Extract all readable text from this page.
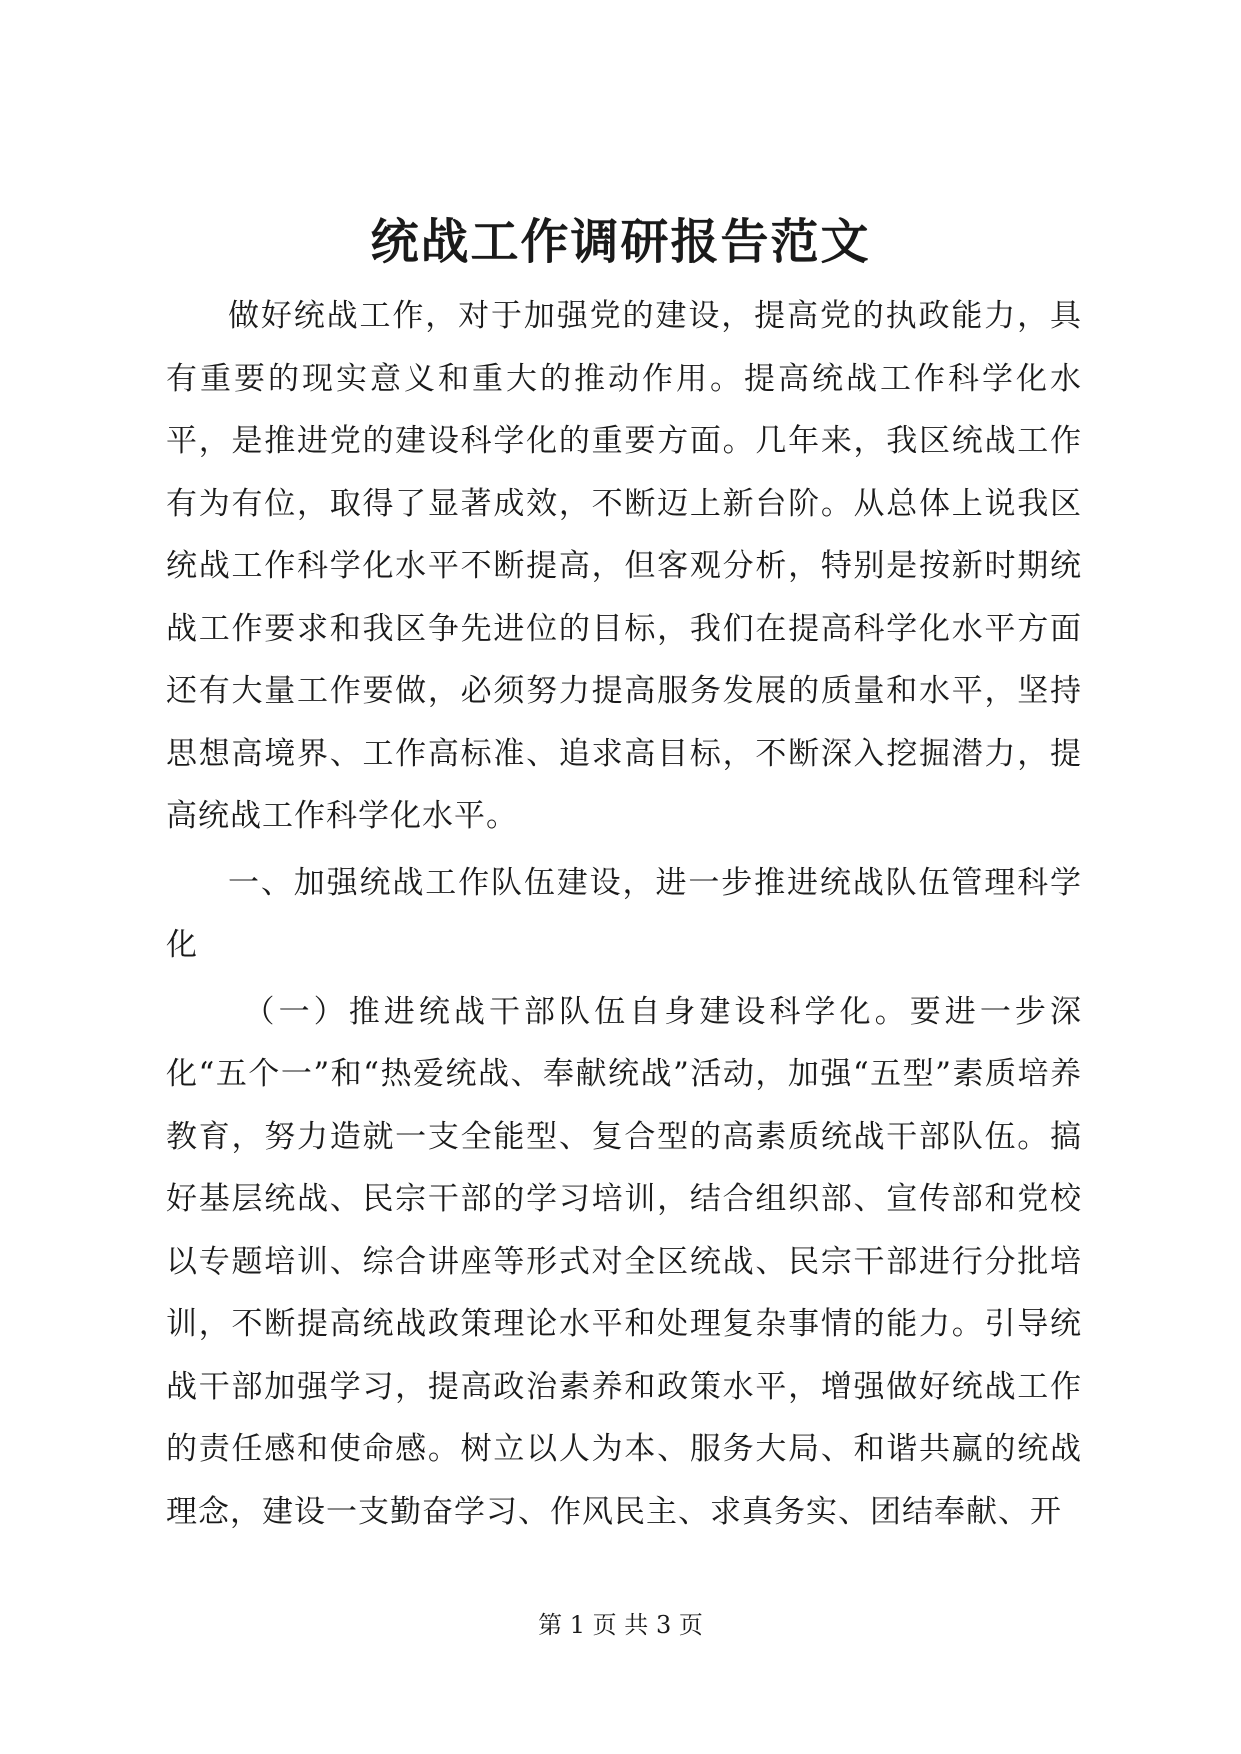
统战工作调研报告范文

做好统战工作，对于加强党的建设，提高党的执政能力，具有重要的现实意义和重大的推动作用。提高统战工作科学化水平，是推进党的建设科学化的重要方面。几年来，我区统战工作有为有位，取得了显著成效，不断迈上新台阶。从总体上说我区统战工作科学化水平不断提高，但客观分析，特别是按新时期统战工作要求和我区争先进位的目标，我们在提高科学化水平方面还有大量工作要做，必须努力提高服务发展的质量和水平，坚持思想高境界、工作高标准、追求高目标，不断深入挖掘潜力，提高统战工作科学化水平。

一、加强统战工作队伍建设，进一步推进统战队伍管理科学化

（一）推进统战干部队伍自身建设科学化。要进一步深化“五个一”和“热爱统战、奉献统战”活动，加强“五型”素质培养教育，努力造就一支全能型、复合型的高素质统战干部队伍。搞好基层统战、民宗干部的学习培训，结合组织部、宣传部和党校以专题培训、综合讲座等形式对全区统战、民宗干部进行分批培训，不断提高统战政策理论水平和处理复杂事情的能力。引导统战干部加强学习，提高政治素养和政策水平，增强做好统战工作的责任感和使命感。树立以人为本、服务大局、和谐共赢的统战理念，建设一支勤奋学习、作风民主、求真务实、团结奉献、开

第 1 页 共 3 页
